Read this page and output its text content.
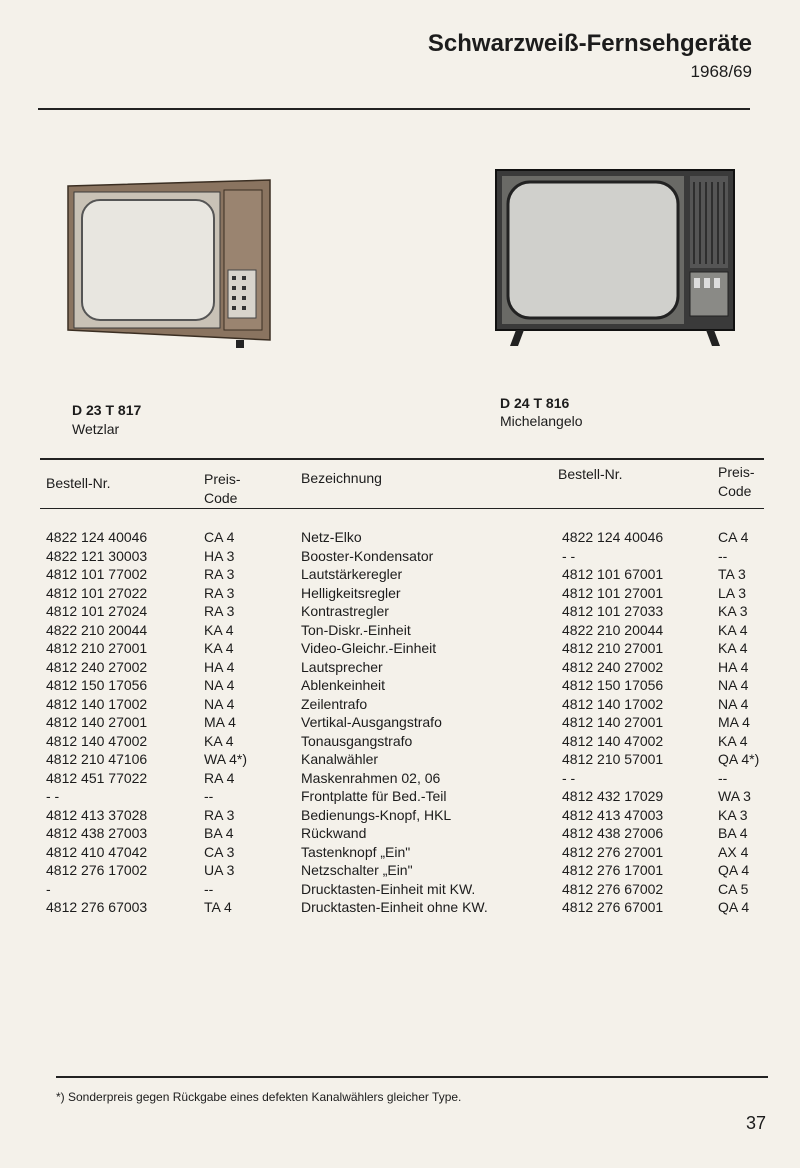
Schwarzweiß-Fernsehgeräte
1968/69
D 23 T 817
Wetzlar
D 24 T 816
Michelangelo
Bestell-Nr.	Preis-
Code
Bezeichnung	Bestell-Nr.	Preis-
Code
4822 124 40046	CA 4	Netz-Elko	4822 124 40046	CA 4
4822 121 30003	HA 3	Booster-Kondensator	- -	--
4812 101 77002	RA 3	Lautstärkeregler	4812 101 67001	TA 3
4812 101 27022	RA 3	Helligkeitsregler	4812 101 27001	LA 3
4812 101 27024	RA 3	Kontrastregler	4812 101 27033	KA 3
4822 210 20044	KA 4	Ton-Diskr.-Einheit	4822 210 20044	KA 4
4812 210 27001	KA 4	Video-Gleichr.-Einheit	4812 210 27001	KA 4
4812 240 27002	HA 4	Lautsprecher	4812 240 27002	HA 4
4812 150 17056	NA 4	Ablenkeinheit	4812 150 17056	NA 4
4812 140 17002	NA 4	Zeilentrafo	4812 140 17002	NA 4
4812 140 27001	MA 4	Vertikal-Ausgangstrafo	4812 140 27001	MA 4
4812 140 47002	KA 4	Tonausgangstrafo	4812 140 47002	KA 4
4812 210 47106	WA 4*)	Kanalwähler	4812 210 57001	QA 4*)
4812 451 77022	RA 4	Maskenrahmen 02, 06	- -	--
- -	--	Frontplatte für Bed.-Teil	4812 432 17029	WA 3
4812 413 37028	RA 3	Bedienungs-Knopf, HKL	4812 413 47003	KA 3
4812 438 27003	BA 4	Rückwand	4812 438 27006	BA 4
4812 410 47042	CA 3	Tastenknopf „Ein"	4812 276 27001	AX 4
4812 276 17002	UA 3	Netzschalter „Ein"	4812 276 17001	QA 4
-	--	Drucktasten-Einheit mit KW.	4812 276 67002	CA 5
4812 276 67003	TA 4	Drucktasten-Einheit ohne KW.	4812 276 67001	QA 4
*) Sonderpreis gegen Rückgabe eines defekten Kanalwählers gleicher Type.
37
